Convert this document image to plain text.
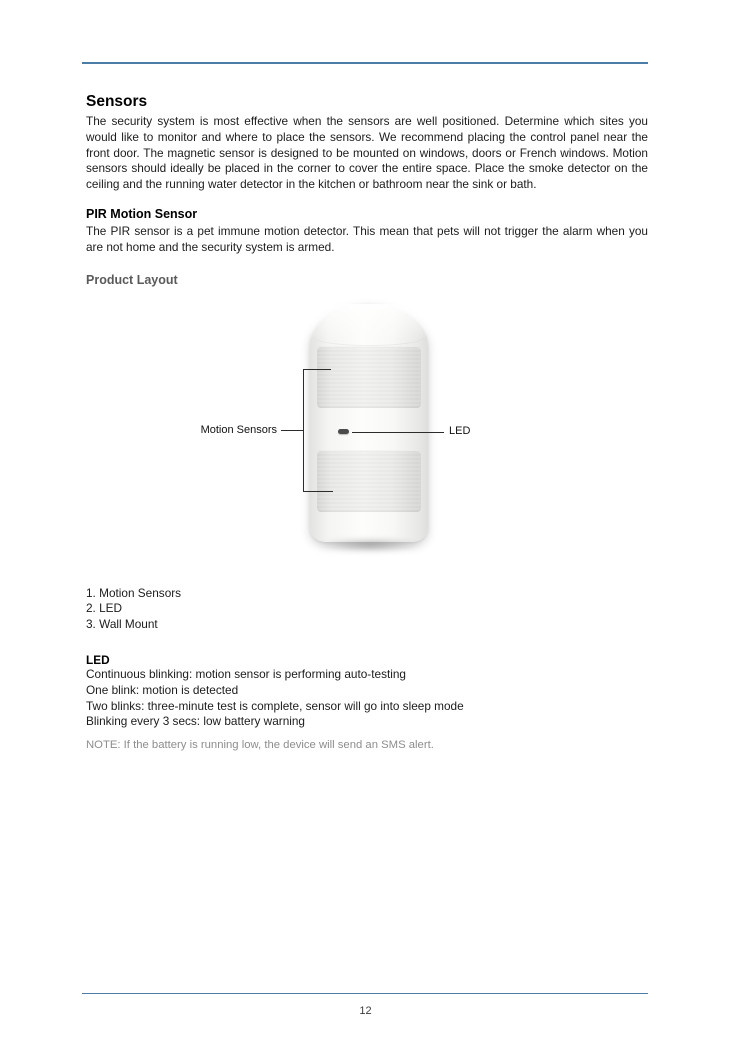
Sensors

The security system is most effective when the sensors are well positioned. Determine which sites you would like to monitor and where to place the sensors. We recommend placing the control panel near the front door. The magnetic sensor is designed to be mounted on windows, doors or French windows. Motion sensors should ideally be placed in the corner to cover the entire space. Place the smoke detector on the ceiling and the running water detector in the kitchen or bathroom near the sink or bath.

PIR Motion Sensor

The PIR sensor is a pet immune motion detector. This mean that pets will not trigger the alarm when you are not home and the security system is armed.

Product Layout
Motion Sensors	LED
1. Motion Sensors
2. LED
3. Wall Mount
LED
Continuous blinking: motion sensor is performing auto-testing
One blink: motion is detected
Two blinks: three-minute test is complete, sensor will go into sleep mode
Blinking every 3 secs: low battery warning
NOTE: If the battery is running low, the device will send an SMS alert.
12
